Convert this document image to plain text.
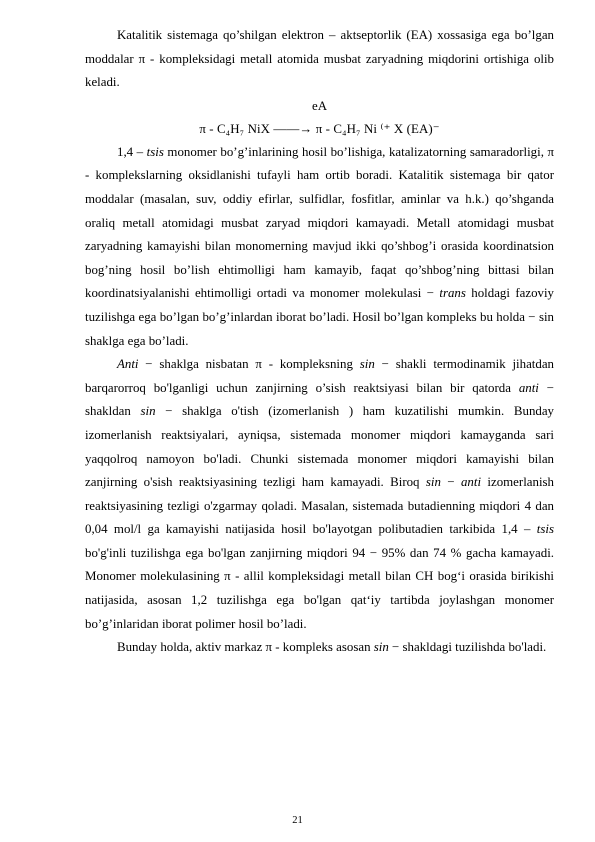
Katalitik sistemaga qo’shilgan elektron – aktseptorlik (EA) xossasiga ega bo’lgan moddalar π - kompleksidagi metall atomida musbat zaryadning miqdorini ortishiga olib keladi.

eA

π - C₄H₇ NiX ——→ π - C₄H₇ Ni ⁽⁺ X (EA)⁻

1,4 – tsis monomer bo’g’inlarining hosil bo’lishiga, katalizatorning samaradorligi, π - komplekslarning oksidlanishi tufayli ham ortib boradi. Katalitik sistemaga bir qator moddalar (masalan, suv, oddiy efirlar, sulfidlar, fosfitlar, aminlar va h.k.) qo’shganda oraliq metall atomidagi musbat zaryad miqdori kamayadi. Metall atomidagi musbat zaryadning kamayishi bilan monomerning mavjud ikki qo’shbog’i orasida koordinatsion bog’ning hosil bo’lish ehtimolligi ham kamayib, faqat qo’shbog’ning bittasi bilan koordinatsiyalanishi ehtimolligi ortadi va monomer molekulasi − trans holdagi fazoviy tuzilishga ega bo’lgan bo’g’inlardan iborat bo’ladi. Hosil bo’lgan kompleks bu holda − sin shaklga ega bo’ladi.

Anti − shaklga nisbatan π - kompleksning sin − shakli termodinamik jihatdan barqarorroq bo'lganligi uchun zanjirning o’sish reaktsiyasi bilan bir qatorda anti − shakldan sin − shaklga o'tish (izomerlanish ) ham kuzatilishi mumkin. Bunday izomerlanish reaktsiyalari, ayniqsa, sistemada monomer miqdori kamayganda sari yaqqolroq namoyon bo'ladi. Chunki sistemada monomer miqdori kamayishi bilan zanjirning o'sish reaktsiyasining tezligi ham kamayadi. Biroq sin − anti izomerlanish reaktsiyasining tezligi o'zgarmay qoladi. Masalan, sistemada butadienning miqdori 4 dan 0,04 mol/l ga kamayishi natijasida hosil bo'layotgan polibutadien tarkibida 1,4 – tsis bo'g'inli tuzilishga ega bo'lgan zanjirning miqdori 94 − 95% dan 74 % gacha kamayadi. Monomer molekulasining π - allil kompleksidagi metall bilan CH bog‘i orasida birikishi natijasida, asosan 1,2 tuzilishga ega bo'lgan qat‘iy tartibda joylashgan monomer bo’g’inlaridan iborat polimer hosil bo’ladi.

Bunday holda, aktiv markaz π - kompleks asosan sin − shakldagi tuzilishda bo'ladi.

21
